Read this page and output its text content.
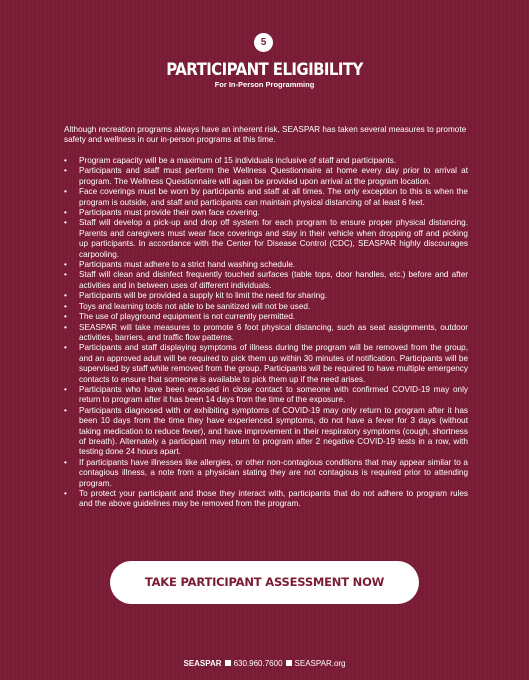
5
PARTICIPANT ELIGIBILITY
For In-Person Programming

Although recreation programs always have an inherent risk, SEASPAR has taken several measures to promote safety and wellness in our in-person programs at this time.

• Program capacity will be a maximum of 15 individuals inclusive of staff and participants.
• Participants and staff must perform the Wellness Questionnaire at home every day prior to arrival at program. The Wellness Questionnaire will again be provided upon arrival at the program location.
• Face coverings must be worn by participants and staff at all times. The only exception to this is when the program is outside, and staff and participants can maintain physical distancing of at least 6 feet.
• Participants must provide their own face covering.
• Staff will develop a pick-up and drop off system for each program to ensure proper physical distancing. Parents and caregivers must wear face coverings and stay in their vehicle when dropping off and picking up participants. In accordance with the Center for Disease Control (CDC), SEASPAR highly discourages carpooling.
• Participants must adhere to a strict hand washing schedule.
• Staff will clean and disinfect frequently touched surfaces (table tops, door handles, etc.) before and after activities and in between uses of different individuals.
• Participants will be provided a supply kit to limit the need for sharing.
• Toys and learning tools not able to be sanitized will not be used.
• The use of playground equipment is not currently permitted.
• SEASPAR will take measures to promote 6 foot physical distancing, such as seat assignments, outdoor activities, barriers, and traffic flow patterns.
• Participants and staff displaying symptoms of illness during the program will be removed from the group, and an approved adult will be required to pick them up within 30 minutes of notification. Participants will be supervised by staff while removed from the group. Participants will be required to have multiple emergency contacts to ensure that someone is available to pick them up if the need arises.
• Participants who have been exposed in close contact to someone with confirmed COVID-19 may only return to program after it has been 14 days from the time of the exposure.
• Participants diagnosed with or exhibiting symptoms of COVID-19 may only return to program after it has been 10 days from the time they have experienced symptoms, do not have a fever for 3 days (without taking medication to reduce fever), and have improvement in their respiratory symptoms (cough, shortness of breath). Alternately a participant may return to program after 2 negative COVID-19 tests in a row, with testing done 24 hours apart.
• If participants have illnesses like allergies, or other non-contagious conditions that may appear similar to a contagious illness, a note from a physician stating they are not contagious is required prior to attending program.
• To protect your participant and those they interact with, participants that do not adhere to program rules and the above guidelines may be removed from the program.
TAKE PARTICIPANT ASSESSMENT NOW
SEASPAR 630.960.7600 SEASPAR.org
